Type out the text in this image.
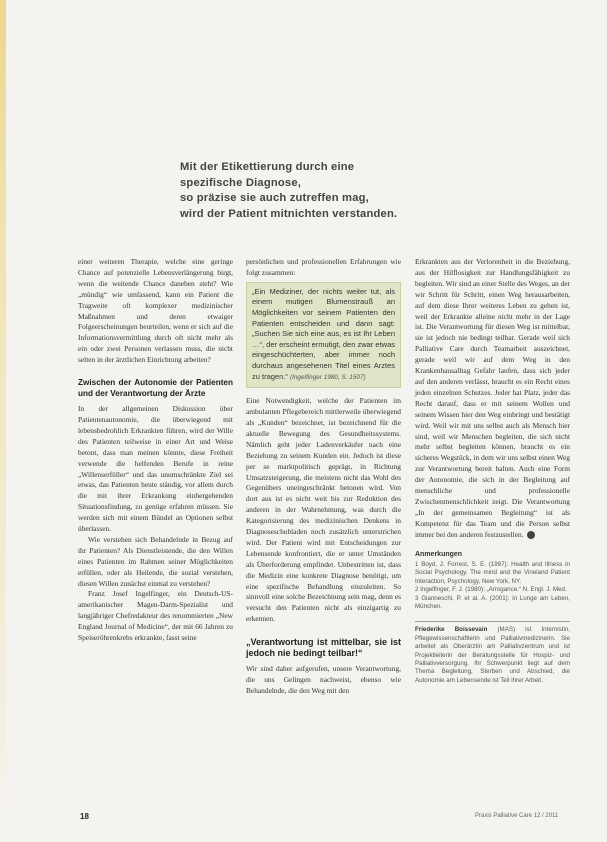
Mit der Etikettierung durch eine
spezifische Diagnose,
so präzise sie auch zutreffen mag,
wird der Patient mitnichten verstanden.

einer weiteren Therapie, welche eine geringe Chance auf potenzielle Lebensverlängerung birgt, wenn die weitende Chance daneben steht? Wie „mündig“ wie umfassend, kann ein Patient die Tragweite oft komplexer medizinischer Maßnahmen und deren etwaiger Folgeerscheinungen beurteilen, wenn er sich auf die Informationsvermittlung durch oft nicht mehr als ein oder zwei Personen verlassen muss, die nicht selten in der ärztlichen Einrichtung arbeiten?

Zwischen der Autonomie der Patienten und der Verantwortung der Ärzte

In der allgemeinen Diskussion über Patientenautonomie, die überwiegend mit lebensbedrohlich Erkrankten führen, wird der Wille des Patienten teilweise in einer Art und Weise betont, dass man meinen könnte, diese Freiheit verwende die helfenden Berufe in reine „Willenserfüller“ und das unumschränkte Ziel sei etwas, das Patienten heute ständig, vor allem durch die mit ihrer Erkrankung einhergehenden Situationsfindung, zu genüge erfahren müssen. Sie werden sich mit einem Bündel an Optionen selbst überlassen.

Wie verstehen sich Behandelnde in Bezug auf ihr Patienten? Als Dienstleistende, die den Willen eines Patienten im Rahmen seiner Möglichkeiten erfüllen, oder als Heilende, die sozial verstehen, diesen Willen zunächst einmal zu verstehen?

Franz Josef Ingelfinger, ein Deutsch-US-amerikanischer Magen-Darm-Spezialist und langjähriger Chefredakteur des renommierten „New England Journal of Medicine“, der mit 66 Jahren zu Speiseröhrenkrebs erkrankte, fasst seine

persönlichen und professionellen Erfahrungen wie folgt zusammen:

„Ein Mediziner, der nichts weiter tut, als einem mutigen Blumenstrauß an Möglichkeiten vor seinem Patienten den Patienten entscheiden und dann sagt: „Suchen Sie sich eine aus, es ist Ihr Leben …“, der erscheint ermutigt, den zwar etwas eingeschüchterten, aber immer noch durchaus angesehenen Titel eines Arztes zu tragen.“ (Ingelfinger 1980, S. 1507)

Eine Notwendigkeit, welche der Patienten im ambulanten Pflegebereich mittlerweile überwiegend als „Kunden“ bezeichnet, ist bezeichnend für die aktuelle Bewegung des Gesundheitssystems. Nämlich geht jeder Ladenverkäufer nach eine Beziehung zu seinem Kunden ein. Jedoch ist diese per se marktpolitisch geprägt, in Richtung Umsatzsteigerung, die meistens nicht das Wohl des Gegenübers uneingeschränkt betonen wird. Von dort aus ist es nicht weit bis zur Reduktion des anderen in der Wahrnehmung, was durch die Kategorisierung des medizinischen Denkens in Diagnoseschubladen noch zusätzlich unterstrichen wird. Der Patient wird mit Entscheidungen zur Lebensende konfrontiert, die er unter Umständen als Überforderung empfindet. Unbestritten ist, dass die Medizin eine konkrete Diagnose benötigt, um eine spezifische Behandlung einzuleiten. So sinnvoll eine solche Bezeichnung sein mag, denn es versucht den Patienten nicht als einzigartig zu erkennen.

„Verantwortung ist mittelbar, sie ist jedoch nie bedingt teilbar!“

Wir sind daher aufgerufen, unsere Verantwortung, die uns Gelingen nachweist, ebenso wie Behandelnde, die den Weg mit den

Erkrankten aus der Verlorenheit in die Beziehung, aus der Hilflosigkeit zur Handlungsfähigkeit zu begleiten. Wir sind an einer Stelle des Weges, an der wir Schritt für Schritt, einen Weg herausarbeiten, auf dem diese Ihrer weiteres Leben zu gehen ist, weil der Erkrankte alleine nicht mehr in der Lage ist. Die Verantwortung für diesen Weg ist mittelbar, sie ist jedoch nie bedingt teilbar. Gerade weil sich Palliative Care durch Teamarbeit auszeichnet, gerade weil wir auf dem Weg in den Krankenhausalltag Gefahr laufen, dass sich jeder auf den anderen verlässt, braucht es ein Recht eines jeden einzelnen Schutzes. Jeder hat Platz, jeder das Recht darauf, dass er mit seinem Wollen und seinem Wissen hier den Weg einbringt und bestätigt wird. Weil wir mit uns selbst auch als Mensch hier sind, weil wir Menschen begleiten, die sich nicht mehr selbst begleiten können, braucht es ein sicheres Wegstück, in dem wir uns selbst einen Weg zur Verantwortung bereit halten. Auch eine Form der Autonomie, die sich in der Begleitung auf menschliche und professionelle Zwischenmenschlichkeit zeigt. Die Verantwortung „In der gemeinsamen Begleitung“ ist als Kompetenz für das Team und die Person selbst immer bei den anderen festzustellen.

Anmerkungen
1 Boyd, J. Forrest, S. E. (1997): Health and Illness in Social Psychology. The mind and the Vineland Patient Interaction, Psychology, New York, NY.
2 Ingelfinger, F. J. (1980): „Arrogance.“ N. Engl. J. Med.
3 Gianneschi, P. et al. A. (2001): in Lunge am Leben, München.
Friederike Boissevain (MAS) ist Internistin, Pflegewissenschaftlerin und Palliativmedizinerin. Sie arbeitet als Oberärztin am Palliativzentrum und ist Projektleiterin der Beratungsstelle für Hospiz- und Palliativversorgung. Ihr Schwerpunkt liegt auf dem Thema Begleitung, Sterben und Abschied, die Autonomie am Lebensende ist Teil ihrer Arbeit.
18	Praxis Palliative Care 12 / 2011
